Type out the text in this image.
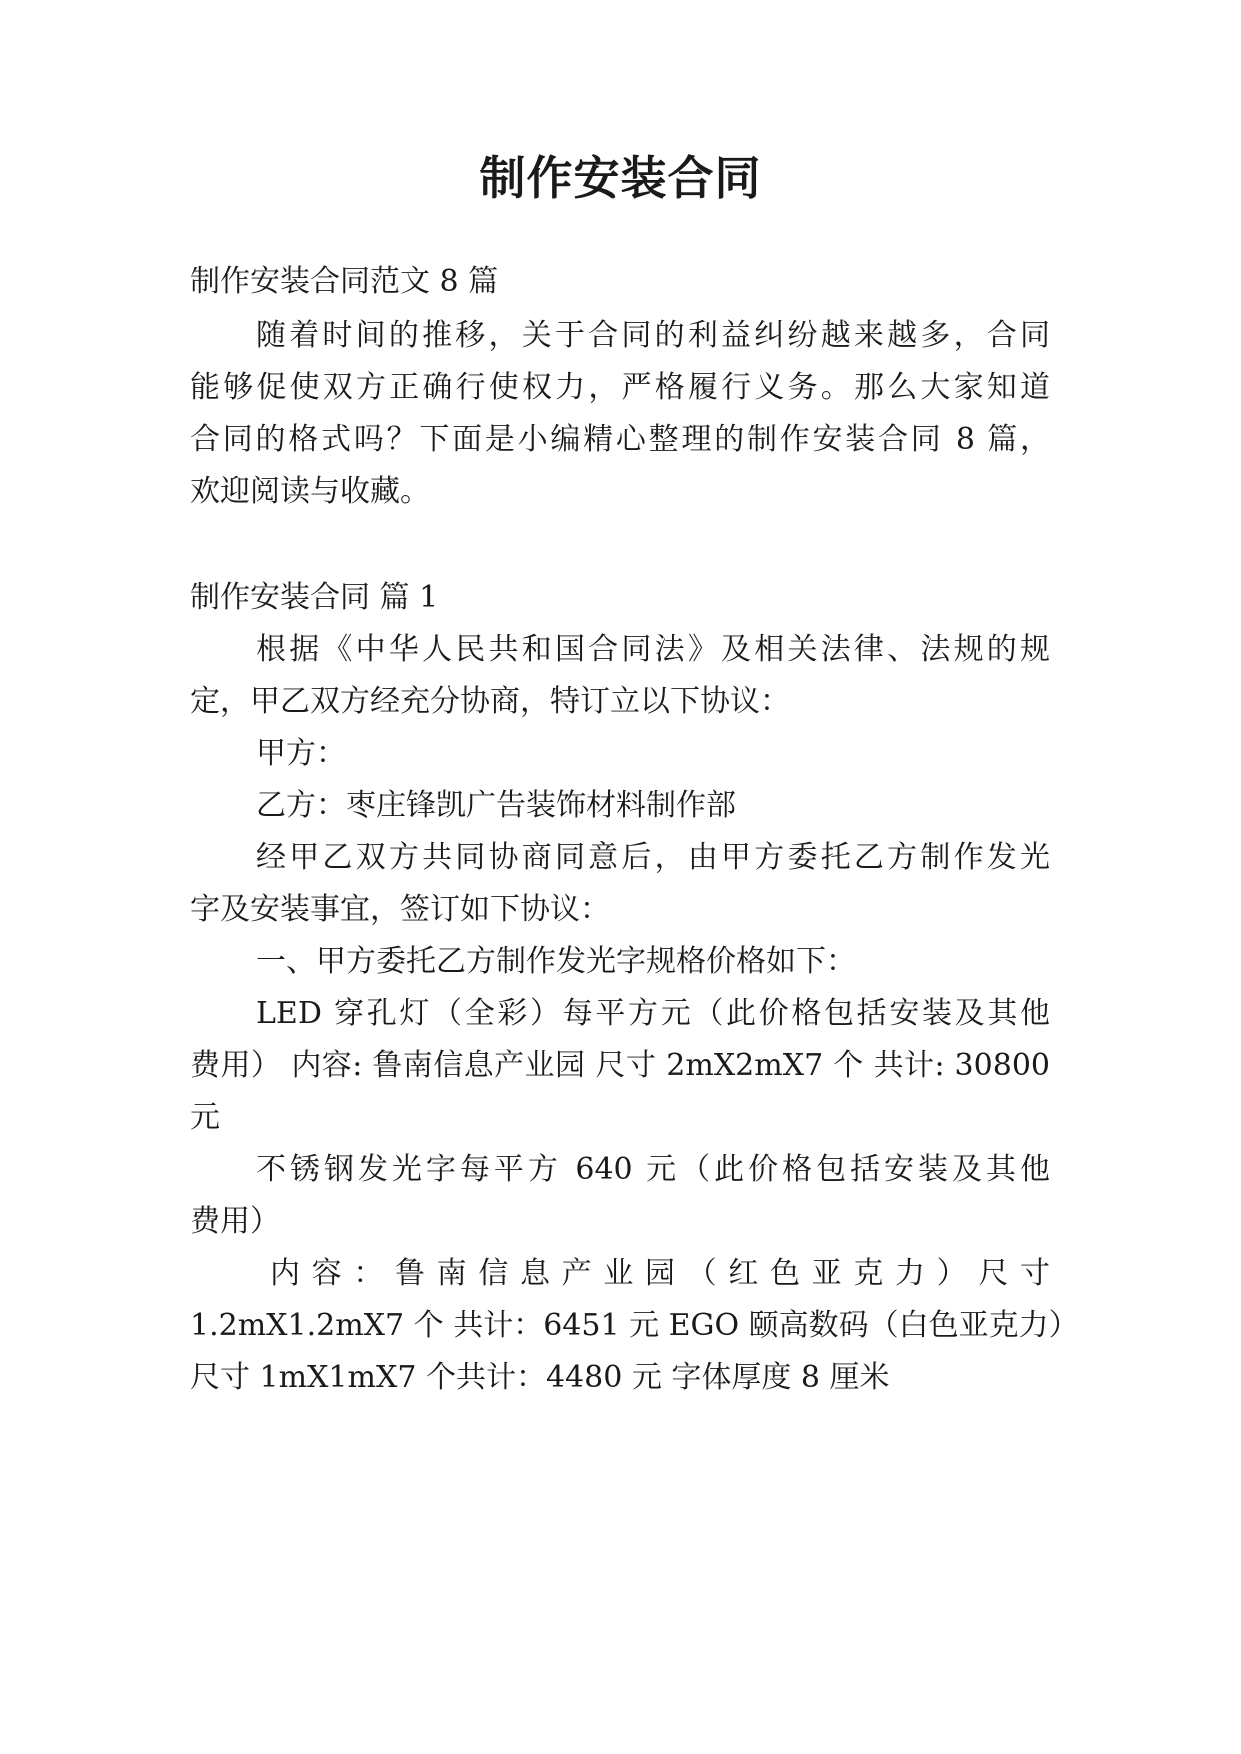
制作安装合同

制作安装合同范文 8 篇

随着时间的推移，关于合同的利益纠纷越来越多，合同

能够促使双方正确行使权力，严格履行义务。那么大家知道

合同的格式吗？下面是小编精心整理的制作安装合同 8 篇，

欢迎阅读与收藏。

制作安装合同 篇 1

根据《中华人民共和国合同法》及相关法律、法规的规

定，甲乙双方经充分协商，特订立以下协议：

甲方：

乙方：枣庄锋凯广告装饰材料制作部

经甲乙双方共同协商同意后，由甲方委托乙方制作发光

字及安装事宜，签订如下协议：

一、甲方委托乙方制作发光字规格价格如下：

LED 穿孔灯（全彩）每平方元（此价格包括安装及其他

费用） 内容: 鲁南信息产业园 尺寸 2mX2mX7 个 共计: 30800

元

不锈钢发光字每平方 640 元（此价格包括安装及其他

费用）

内 容 ： 鲁 南 信 息 产 业 园 （ 红 色 亚 克 力 ） 尺 寸

1.2mX1.2mX7 个 共计：6451 元 EGO 颐高数码（白色亚克力）

尺寸 1mX1mX7 个共计：4480 元 字体厚度 8 厘米
